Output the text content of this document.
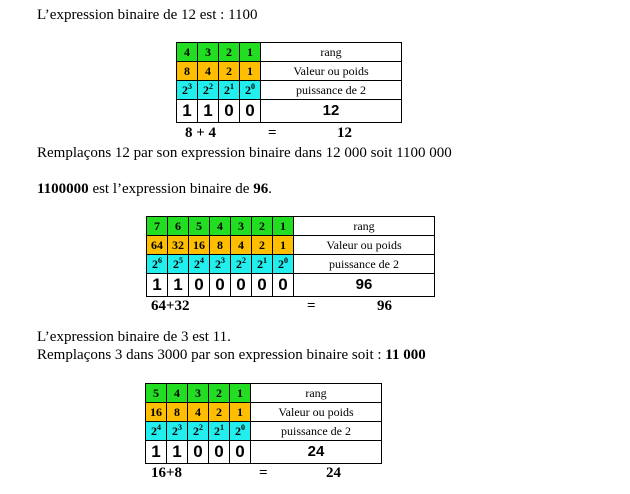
L’expression binaire de 12 est : 1100
4	3	2	1	rang
8	4	2	1	Valeur ou poids
$2^3$	$2^2$	$2^1$	$2^0$	puissance de 2
1	1	0	0	12
8 + 4	=	12
Remplaçons 12 par son expression binaire dans 12 000 soit 1100 000
1100000 est l’expression binaire de 96.
7	6	5	4	3	2	1	rang
64	32	16	8	4	2	1	Valeur ou poids
$2^6$	$2^5$	$2^4$	$2^3$	$2^2$	$2^1$	$2^0$	puissance de 2
1	1	0	0	0	0	0	96
64+32	=	96
L’expression binaire de 3 est 11.
Remplaçons 3 dans 3000 par son expression binaire soit : 11 000
5	4	3	2	1	rang
16	8	4	2	1	Valeur ou poids
$2^4$	$2^3$	$2^2$	$2^1$	$2^0$	puissance de 2
1	1	0	0	0	24
16+8	=	24
